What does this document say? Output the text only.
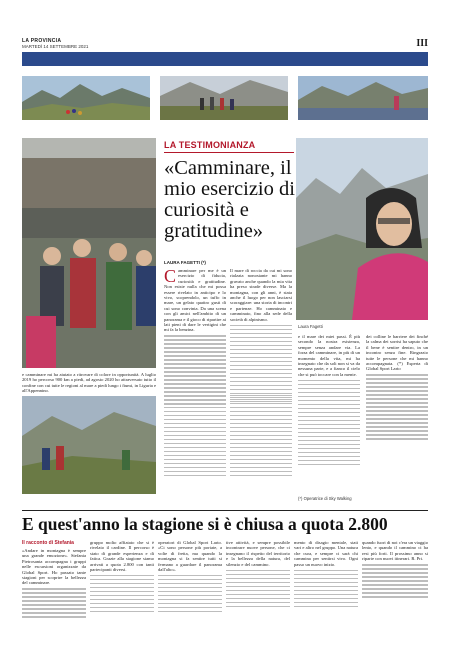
LA PROVINCIA
MARTEDÌ 14 SETTEMBRE 2021	III
Laura Fagetti
LA TESTIMONIANZA
«Camminare, il mio esercizio di curiosità e gratitudine»
LAURA FAGETTI (*)
C amminare per me è un esercizio di fiducia, curiosità e gratitudine. Non esiste nulla che mi possa essere rivelato in anticipo e lo vivo, scoprendolo, un tuffo in mare, un gelato quattro gusti di cui sono convinta. Da una scena con gli amici nell'ambito di un panorama e il gioco di ripartire ai lati pieni di dare le vertigini che mi fa la benzina.
Il mare di roccia da cui mi sono rialzata nonostante mi hanno gravato anche quando la mia vita ha preso strade diverse. Ma la montagna, con gli anni, è stata anche il luogo per non lasciarsi scoraggiare: una storia di incontri e partenze. Ho camminato e camminato, fino alla sede della società di alpinismo.
e camminare mi ha aiutato a ritrovare di colore in opportunità. A luglio 2019 ho percorso 900 km a piedi, ad agosto 2020 ho attraversato tutto il confine con cui tutte le regioni al mare a piedi lungo i fiumi, in Liguria e all'Appennino.
e il mare dei miei passi. È più secondo la nostra esistenza, sempre senza andare via. La forza del camminare, in più di un momento della vita, mi ha insegnato che da soli non si va da nessuna parte, e a fianco il cielo che si può toccare con la mente.
dei colline le barriere dei finché la calma dei sorrisi ha saputo che il bene è sentire dentro, in un incontro senza fine. Ringrazio tutte le persone che mi hanno accompagnata. (*) Esperta di Global Sport Lario
(*) Operatrice di Sky Walking
E quest'anno la stagione si è chiusa a quota 2.800
Il racconto di Stefania
«Andare in montagna è sempre una grande emozione». Stefania Pietrosanta accompagna i gruppi nelle escursioni organizzate da Global Sport. Ho passato tante stagioni per scoprire la bellezza del camminare.
gruppo molto affiatato che si è rivelato il cardine. Il percorso è stato di grande esperienza e di fatica. Grazie alla stagione siamo arrivati a quota 2.800 con tanti partecipanti diversi.
operatori di Global Sport Lario. «Ci sono persone più portate, a volte di fretta, ma quando la montagna si fa sentire tutti si fermano a guardare il panorama dall'alto».
tive attività, e sempre possibile incontrare nuove persone, che ci insegnano il rispetto del territorio e la bellezza della natura, del silenzio e del cammino.
mento di disagio mentale, stati vari e altro nel gruppo. Una natura che cura, e sempre ci sarà chi cammina per sentirsi vivo. Ogni passo un nuovo inizio.
quando fuori di noi c'era un viaggio lento, e quando il cammino ci ha resi più forti. Il prossimo anno si riparte con nuovi itinerari. R. Pri.
